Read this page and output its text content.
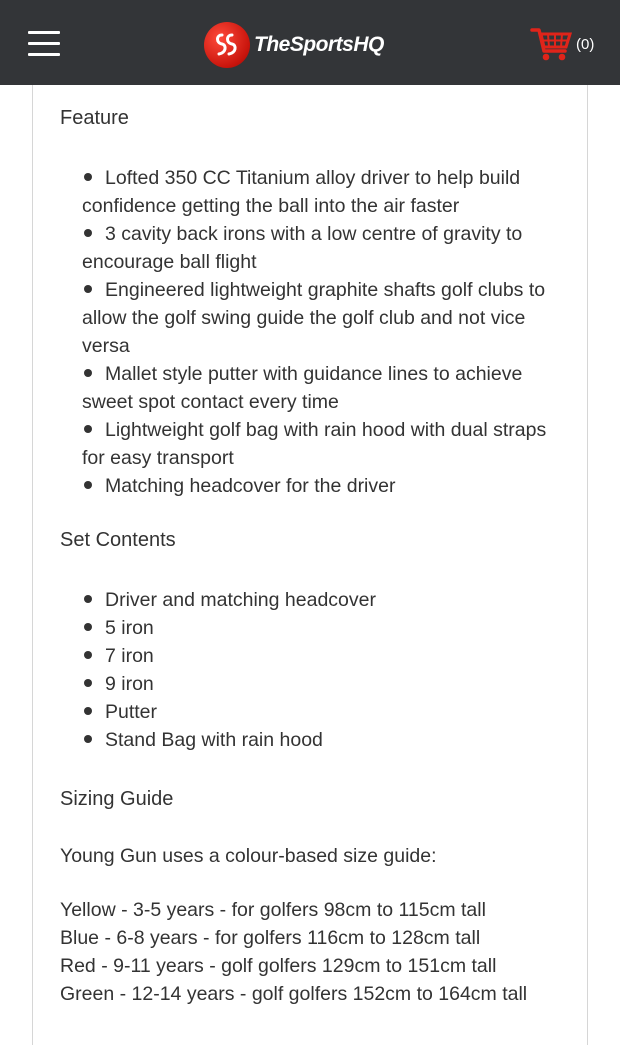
TheSportsHQ	(0)
Feature
Lofted 350 CC Titanium alloy driver to help build confidence getting the ball into the air faster
3 cavity back irons with a low centre of gravity to encourage ball flight
Engineered lightweight graphite shafts golf clubs to allow the golf swing guide the golf club and not vice versa
Mallet style putter with guidance lines to achieve sweet spot contact every time
Lightweight golf bag with rain hood with dual straps for easy transport
Matching headcover for the driver
Set Contents
Driver and matching headcover
5 iron
7 iron
9 iron
Putter
Stand Bag with rain hood
Sizing Guide

Young Gun uses a colour-based size guide:

Yellow - 3-5 years - for golfers 98cm to 115cm tall
Blue - 6-8 years - for golfers 116cm to 128cm tall
Red - 9-11 years - golf golfers 129cm to 151cm tall
Green - 12-14 years - golf golfers 152cm to 164cm tall
